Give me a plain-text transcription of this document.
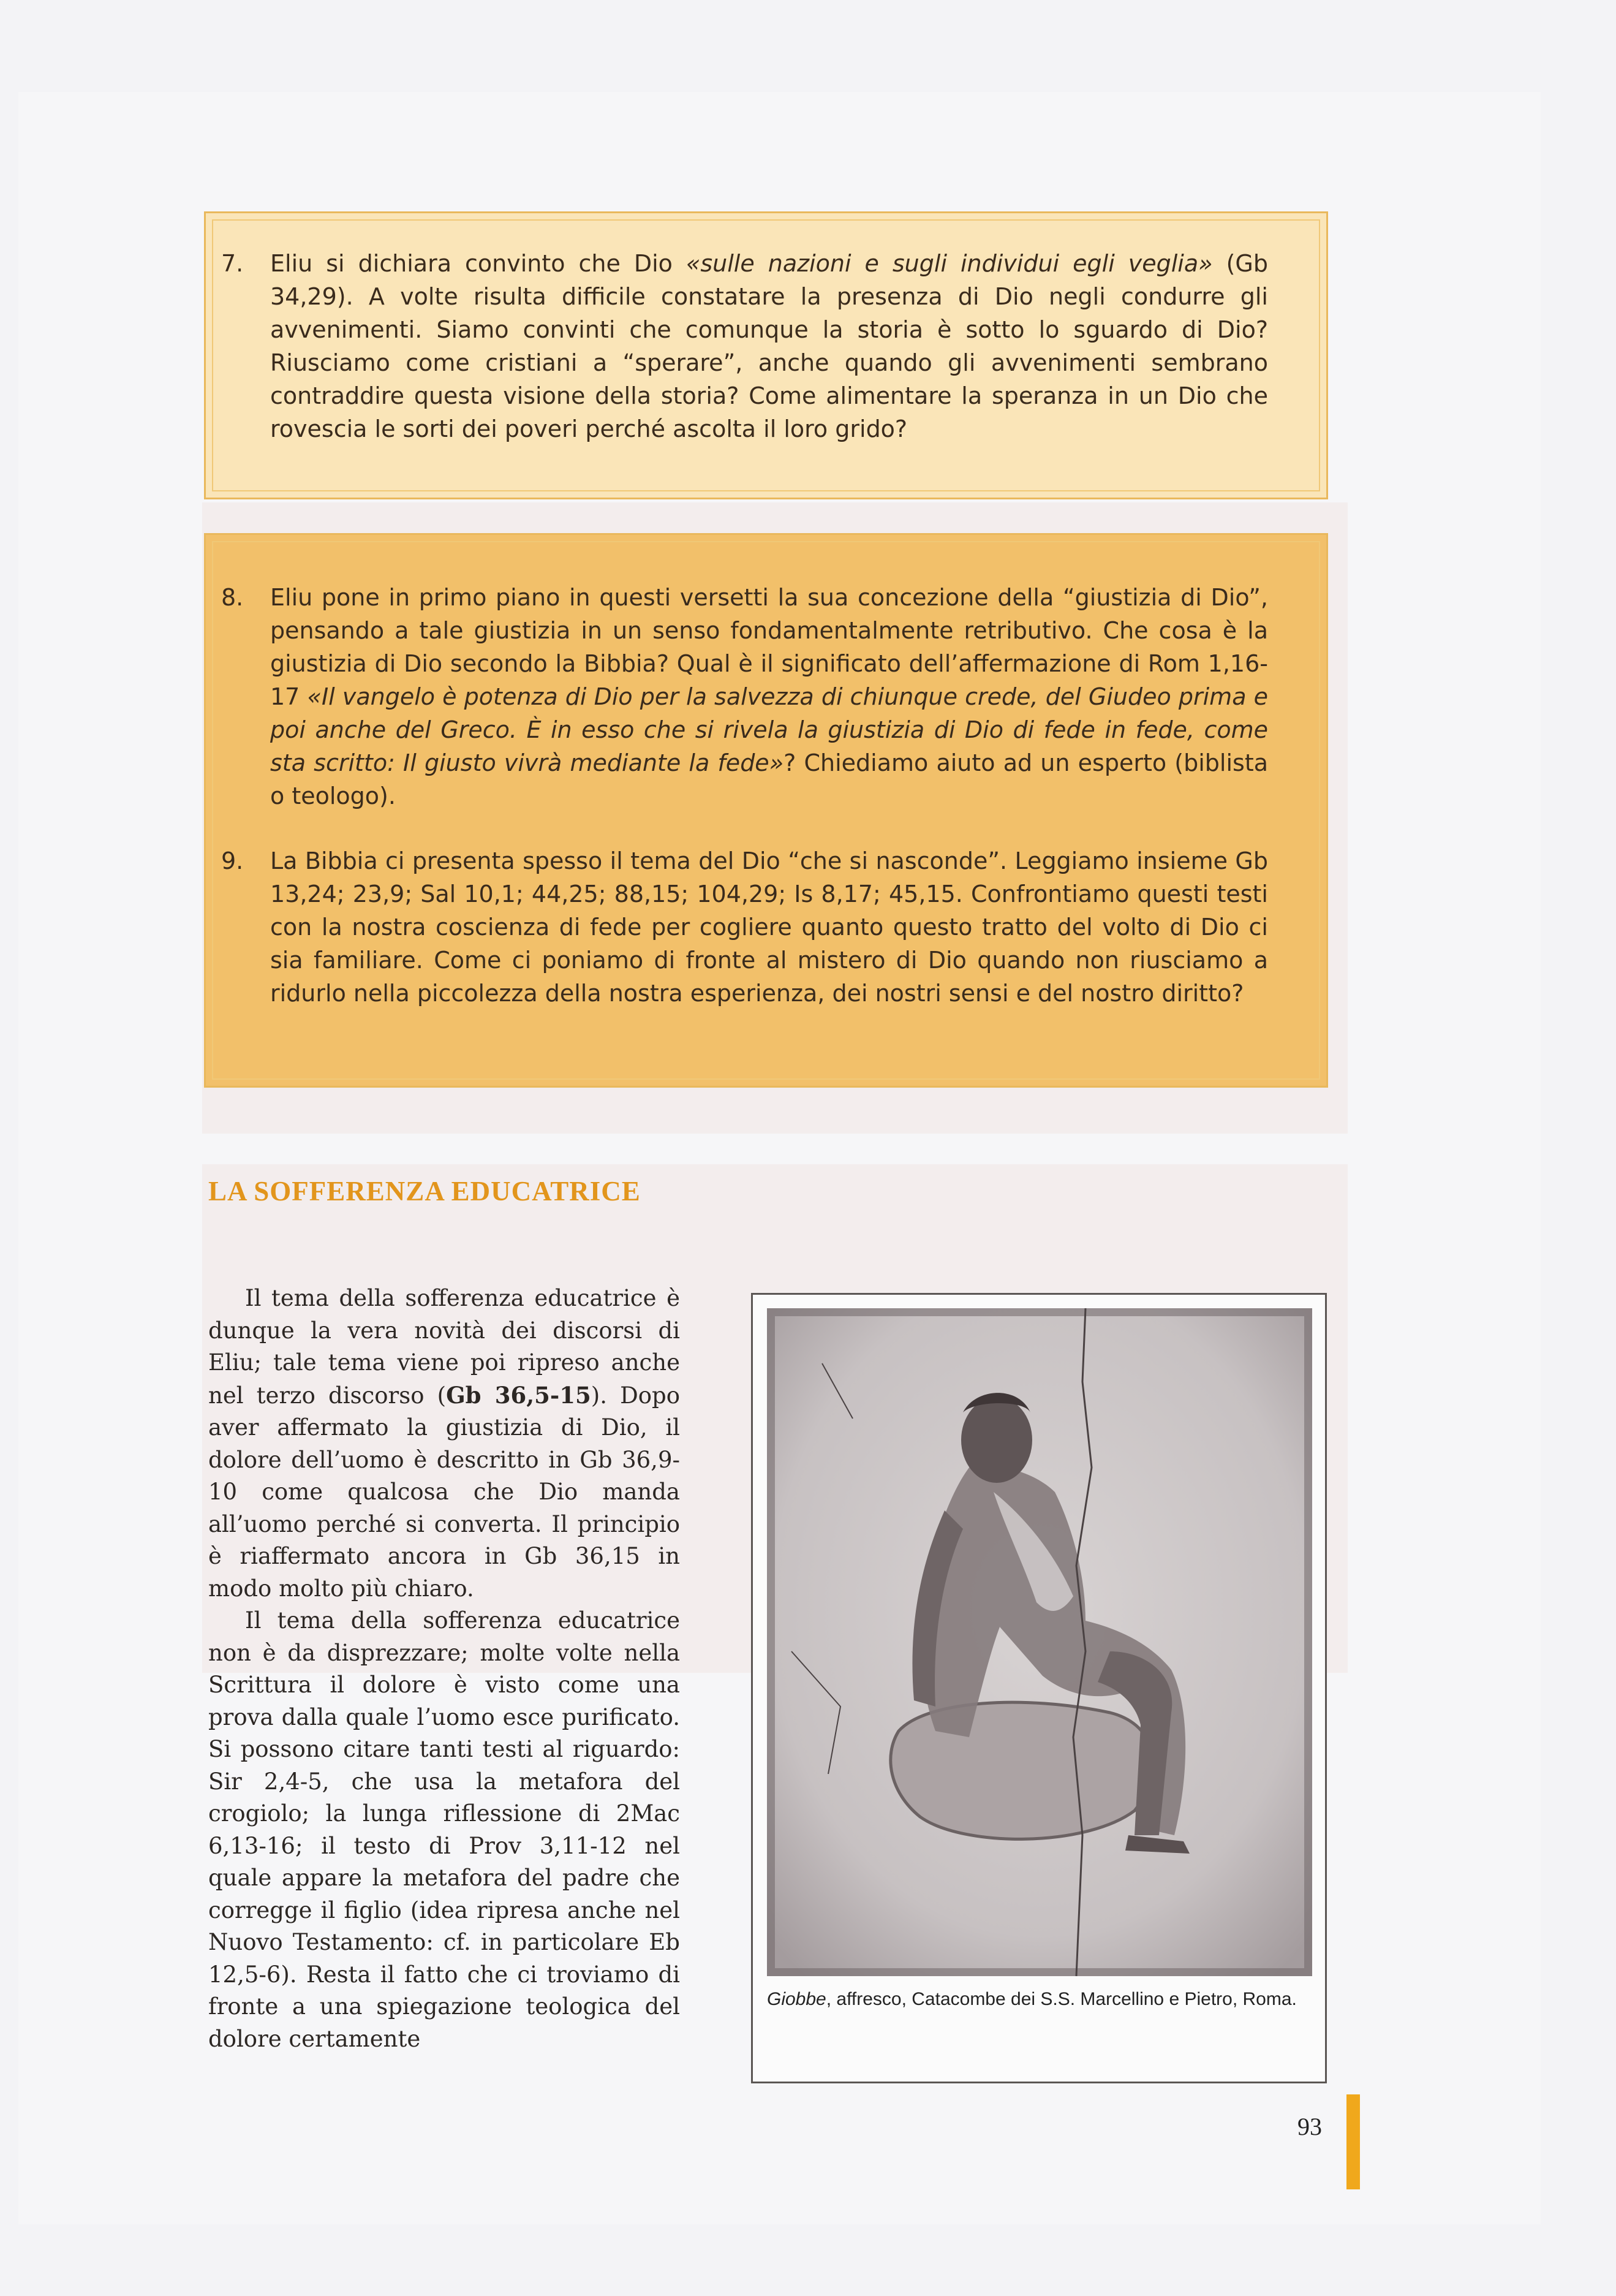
7. Eliu si dichiara convinto che Dio «sulle nazioni e sugli individui egli veglia» (Gb 34,29). A volte risulta difficile constatare la presenza di Dio negli condurre gli avvenimenti. Siamo convinti che comunque la storia è sotto lo sguardo di Dio? Riusciamo come cristiani a “sperare”, anche quando gli avvenimenti sembrano contraddire questa visione della storia? Come alimentare la speranza in un Dio che rovescia le sorti dei poveri perché ascolta il loro grido?

8. Eliu pone in primo piano in questi versetti la sua concezione della “giustizia di Dio”, pensando a tale giustizia in un senso fondamentalmente retributivo. Che cosa è la giustizia di Dio secondo la Bibbia? Qual è il significato dell’affermazione di Rom 1,16-17 «Il vangelo è potenza di Dio per la salvezza di chiunque crede, del Giudeo prima e poi anche del Greco. È in esso che si rivela la giustizia di Dio di fede in fede, come sta scritto: Il giusto vivrà mediante la fede»? Chiediamo aiuto ad un esperto (biblista o teologo).

9. La Bibbia ci presenta spesso il tema del Dio “che si nasconde”. Leggiamo insieme Gb 13,24; 23,9; Sal 10,1; 44,25; 88,15; 104,29; Is 8,17; 45,15. Confrontiamo questi testi con la nostra coscienza di fede per cogliere quanto questo tratto del volto di Dio ci sia familiare. Come ci poniamo di fronte al mistero di Dio quando non riusciamo a ridurlo nella piccolezza della nostra esperienza, dei nostri sensi e del nostro diritto?

LA SOFFERENZA EDUCATRICE

Il tema della sofferenza educatrice è dunque la vera novità dei discorsi di Eliu; tale tema viene poi ripreso anche nel terzo discorso (Gb 36,5-15). Dopo aver affermato la giustizia di Dio, il dolore dell’uomo è descritto in Gb 36,9-10 come qualcosa che Dio manda all’uomo perché si converta. Il principio è riaffermato ancora in Gb 36,15 in modo molto più chiaro.

Il tema della sofferenza educatrice non è da disprezzare; molte volte nella Scrittura il dolore è visto come una prova dalla quale l’uomo esce purificato. Si possono citare tanti testi al riguardo: Sir 2,4-5, che usa la metafora del crogiolo; la lunga riflessione di 2Mac 6,13-16; il testo di Prov 3,11-12 nel quale appare la metafora del padre che corregge il figlio (idea ripresa anche nel Nuovo Testamento: cf. in particolare Eb 12,5-6). Resta il fatto che ci troviamo di fronte a una spiegazione teologica del dolore certamente

Giobbe, affresco, Catacombe dei S.S. Marcellino e Pietro, Roma.
93
